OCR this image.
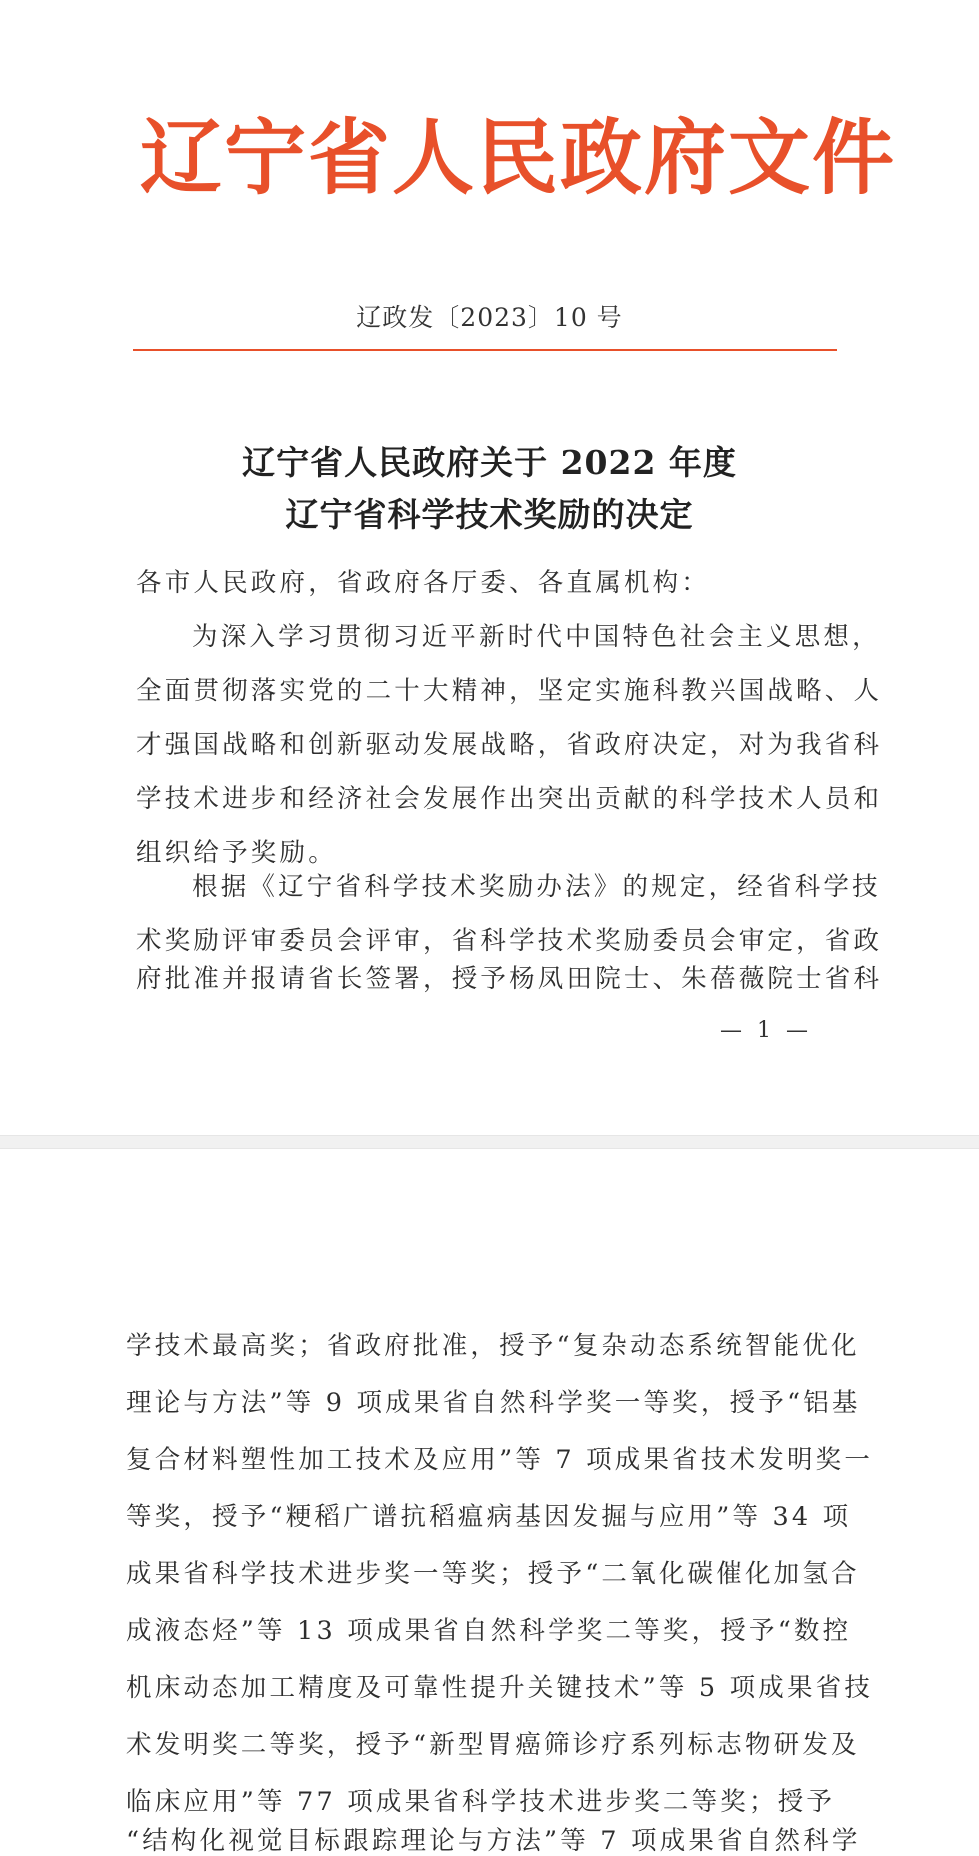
辽宁省人民政府文件
辽政发〔2023〕10 号
辽宁省人民政府关于 2022 年度
辽宁省科学技术奖励的决定
各市人民政府，省政府各厅委、各直属机构：
为深入学习贯彻习近平新时代中国特色社会主义思想，
全面贯彻落实党的二十大精神，坚定实施科教兴国战略、人
才强国战略和创新驱动发展战略，省政府决定，对为我省科
学技术进步和经济社会发展作出突出贡献的科学技术人员和
组织给予奖励。
根据《辽宁省科学技术奖励办法》的规定，经省科学技
术奖励评审委员会评审，省科学技术奖励委员会审定，省政
府批准并报请省长签署，授予杨凤田院士、朱蓓薇院士省科
— 1 —
学技术最高奖；省政府批准，授予“复杂动态系统智能优化
理论与方法”等 9 项成果省自然科学奖一等奖，授予“铝基
复合材料塑性加工技术及应用”等 7 项成果省技术发明奖一
等奖，授予“粳稻广谱抗稻瘟病基因发掘与应用”等 34 项
成果省科学技术进步奖一等奖；授予“二氧化碳催化加氢合
成液态烃”等 13 项成果省自然科学奖二等奖，授予“数控
机床动态加工精度及可靠性提升关键技术”等 5 项成果省技
术发明奖二等奖，授予“新型胃癌筛诊疗系列标志物研发及
临床应用”等 77 项成果省科学技术进步奖二等奖；授予
“结构化视觉目标跟踪理论与方法”等 7 项成果省自然科学
